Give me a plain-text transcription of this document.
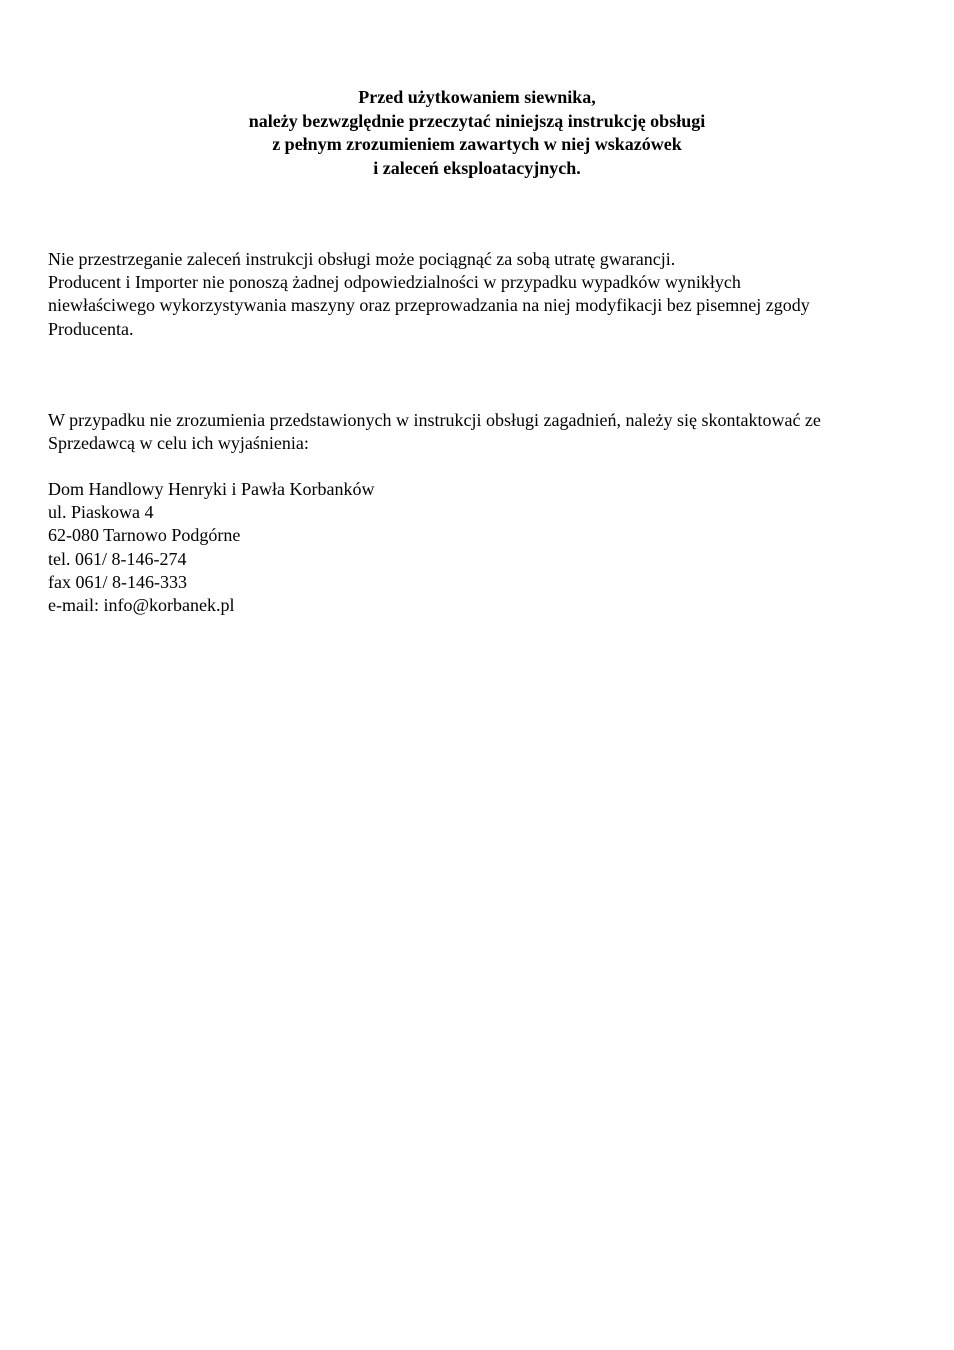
Przed użytkowaniem siewnika,
należy bezwzględnie przeczytać niniejszą instrukcję obsługi
z pełnym zrozumieniem zawartych w niej wskazówek
i zaleceń eksploatacyjnych.
Nie przestrzeganie zaleceń instrukcji obsługi może pociągnąć za sobą utratę gwarancji.
Producent i Importer nie ponoszą żadnej odpowiedzialności w przypadku wypadków wynikłych
niewłaściwego wykorzystywania maszyny oraz przeprowadzania na niej modyfikacji bez pisemnej zgody
Producenta.
W przypadku nie zrozumienia przedstawionych w instrukcji obsługi zagadnień, należy się skontaktować ze
Sprzedawcą w celu ich wyjaśnienia:
Dom Handlowy Henryki i Pawła Korbanków
ul. Piaskowa 4
62-080 Tarnowo Podgórne
tel. 061/ 8-146-274
fax 061/ 8-146-333
e-mail: info@korbanek.pl
